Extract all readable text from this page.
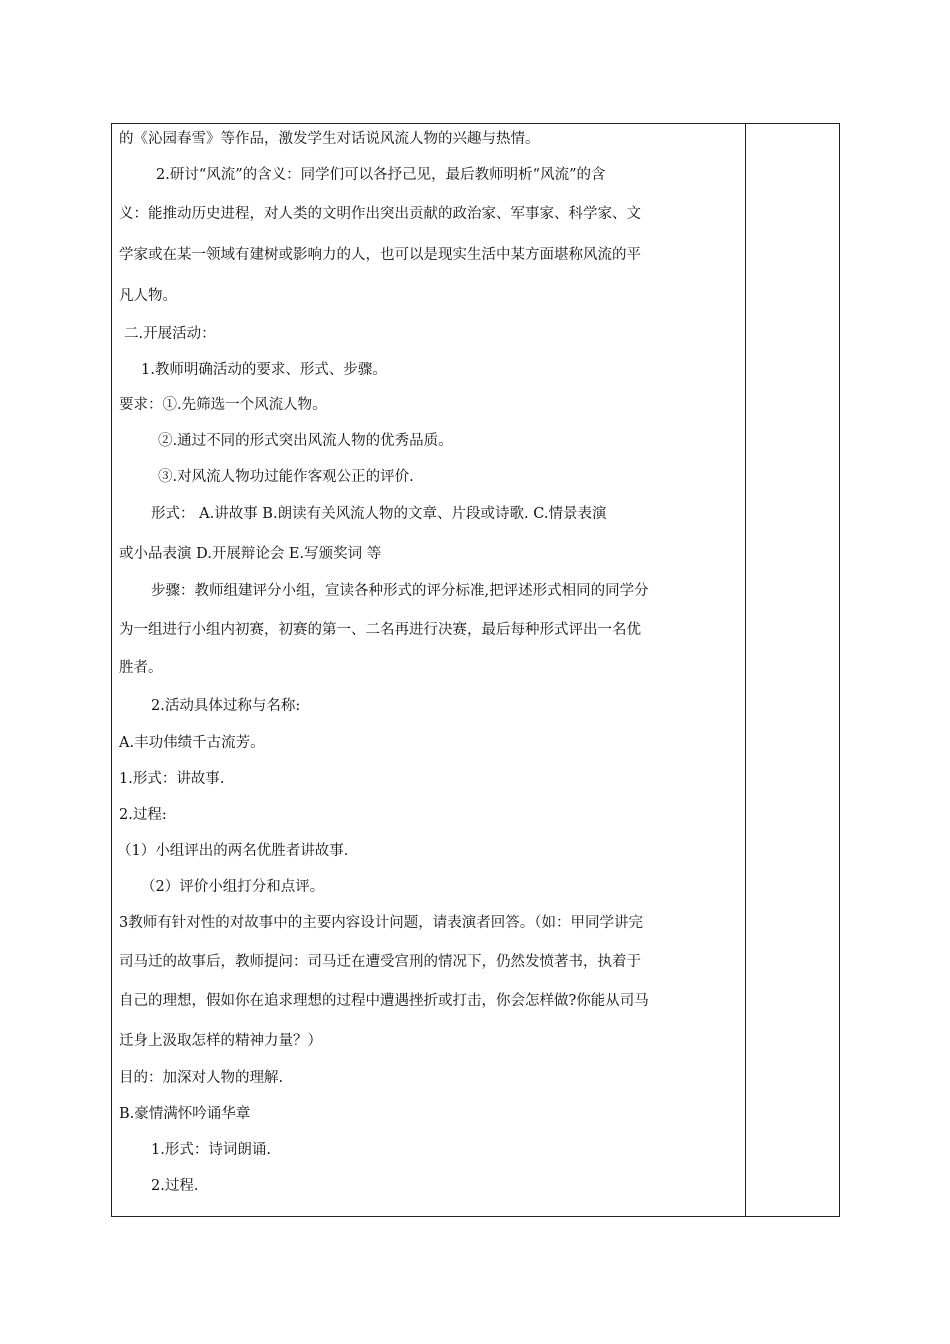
的《沁园春雪》等作品，激发学生对话说风流人物的兴趣与热情。
2.研讨“风流”的含义：同学们可以各抒己见，最后教师明析“风流”的含
义：能推动历史进程，对人类的文明作出突出贡献的政治家、军事家、科学家、文
学家或在某一领域有建树或影响力的人，也可以是现实生活中某方面堪称风流的平
凡人物。
二.开展活动：
1.教师明确活动的要求、形式、步骤。
要求：①.先筛选一个风流人物。
②.通过不同的形式突出风流人物的优秀品质。
③.对风流人物功过能作客观公正的评价.
形式： A.讲故事 B.朗读有关风流人物的文章、片段或诗歌. C.情景表演
或小品表演 D.开展辩论会 E.写颁奖词 等
步骤：教师组建评分小组，宣读各种形式的评分标准,把评述形式相同的同学分
为一组进行小组内初赛，初赛的第一、二名再进行决赛，最后每种形式评出一名优
胜者。
2.活动具体过称与名称:
A.丰功伟绩千古流芳。
1.形式：讲故事.
2.过程:
（1）小组评出的两名优胜者讲故事.
（2）评价小组打分和点评。
3教师有针对性的对故事中的主要内容设计问题，请表演者回答。（如：甲同学讲完
司马迁的故事后，教师提问：司马迁在遭受宫刑的情况下，仍然发愤著书，执着于
自己的理想，假如你在追求理想的过程中遭遇挫折或打击，你会怎样做?你能从司马
迁身上汲取怎样的精神力量？）
目的：加深对人物的理解.
B.豪情满怀吟诵华章
1.形式：诗词朗诵.
2.过程.
